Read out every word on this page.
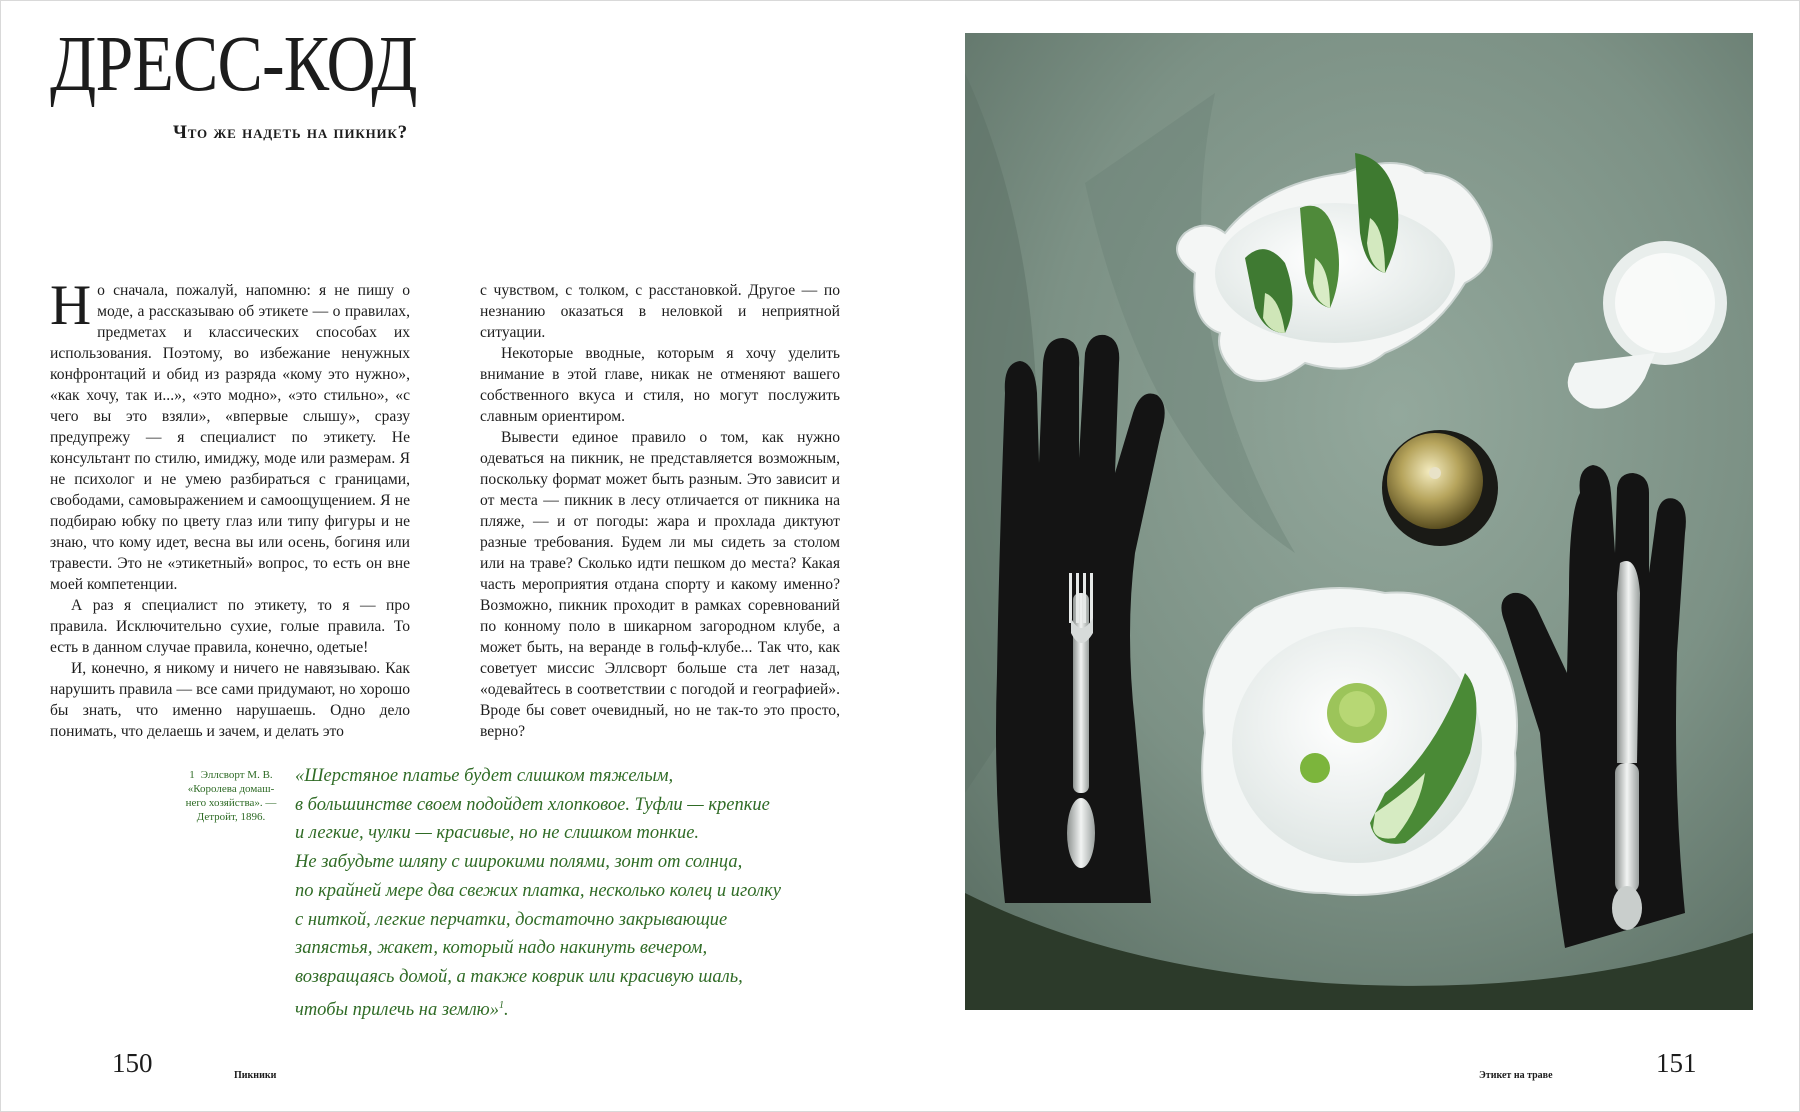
ДРЕСС-КОД
Что же надеть на пикник?

Но сначала, пожалуй, напомню: я не пишу о моде, а рассказываю об этикете — о правилах, предметах и классических способах их использования. Поэтому, во избежание ненужных конфронтаций и обид из разряда «кому это нужно», «как хочу, так и...», «это модно», «это стильно», «с чего вы это взяли», «впервые слышу», сразу предупрежу — я специалист по этикету. Не консультант по стилю, имиджу, моде или размерам. Я не психолог и не умею разбираться с границами, свободами, самовыражением и самоощущением. Я не подбираю юбку по цвету глаз или типу фигуры и не знаю, что кому идет, весна вы или осень, богиня или травести. Это не «этикетный» вопрос, то есть он вне моей компетенции.

А раз я специалист по этикету, то я — про правила. Исключительно сухие, голые правила. То есть в данном случае правила, конечно, одетые!

И, конечно, я никому и ничего не навязываю. Как нарушить правила — все сами придумают, но хорошо бы знать, что именно нарушаешь. Одно дело понимать, что делаешь и зачем, и делать это

с чувством, с толком, с расстановкой. Другое — по незнанию оказаться в неловкой и неприятной ситуации.

Некоторые вводные, которым я хочу уделить внимание в этой главе, никак не отменяют вашего собственного вкуса и стиля, но могут послужить славным ориентиром.

Вывести единое правило о том, как нужно одеваться на пикник, не представляется возможным, поскольку формат может быть разным. Это зависит и от места — пикник в лесу отличается от пикника на пляже, — и от погоды: жара и прохлада диктуют разные требования. Будем ли мы сидеть за столом или на траве? Сколько идти пешком до места? Какая часть мероприятия отдана спорту и какому именно? Возможно, пикник проходит в рамках соревнований по конному поло в шикарном загородном клубе, а может быть, на веранде в гольф-клубе... Так что, как советует миссис Эллсворт больше ста лет назад, «одевайтесь в соответствии с погодой и географией». Вроде бы совет очевидный, но не так-то это просто, верно?

1 Эллсворт М. В.
«Королева домаш-
него хозяйства». —
Детройт, 1896.
«Шерстяное платье будет слишком тяжелым,
в большинстве своем подойдет хлопковое. Туфли — крепкие
и легкие, чулки — красивые, но не слишком тонкие.
Не забудьте шляпу с широкими полями, зонт от солнца,
по крайней мере два свежих платка, несколько колец и иголку
с ниткой, легкие перчатки, достаточно закрывающие
запястья, жакет, который надо накинуть вечером,
возвращаясь домой, а также коврик или красивую шаль,
чтобы прилечь на землю»$^1$.
150	Пикники	Этикет на траве	151
